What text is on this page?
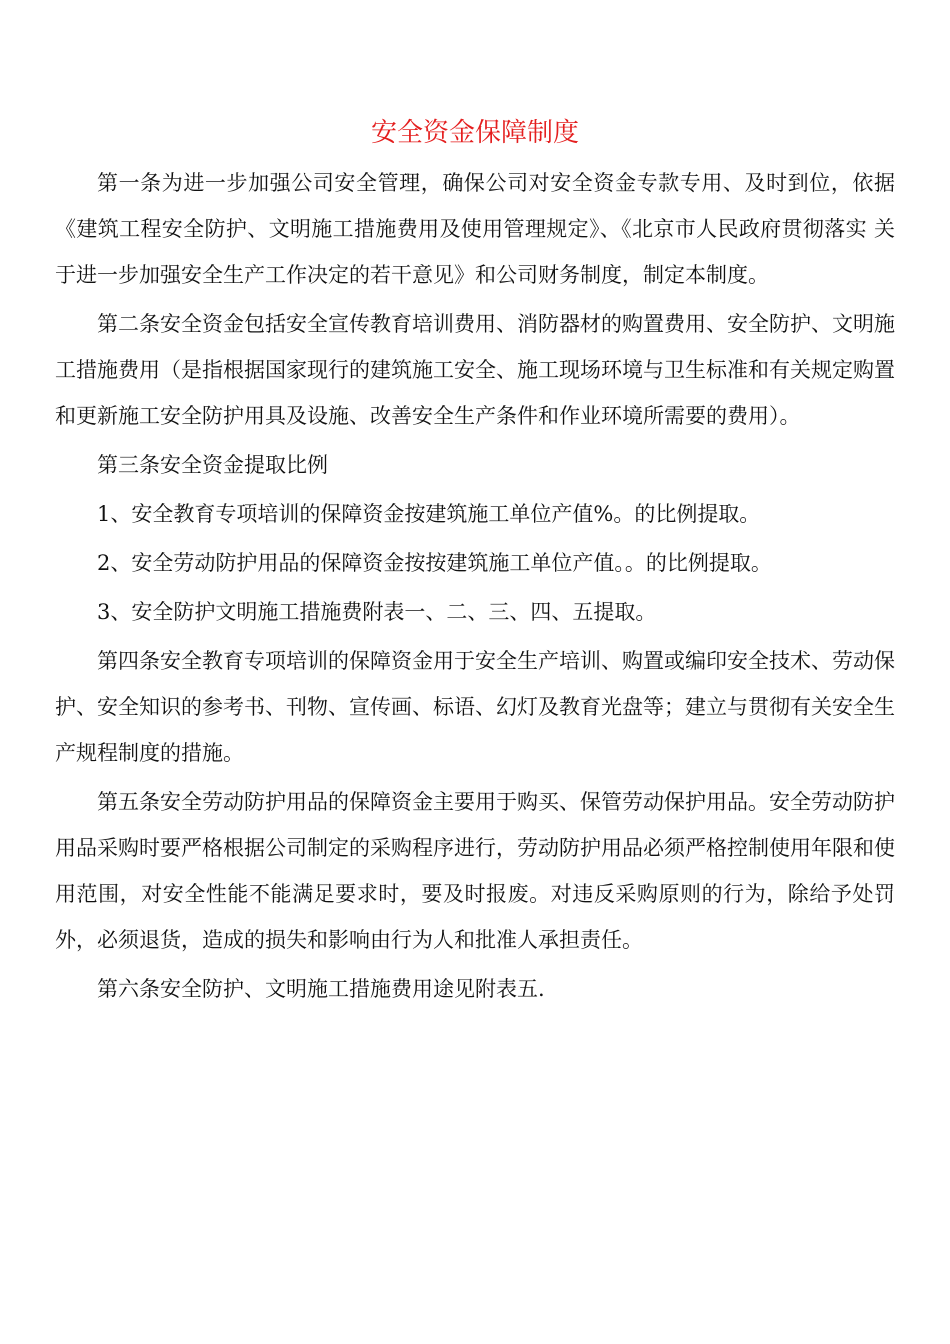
安全资金保障制度

第一条为进一步加强公司安全管理，确保公司对安全资金专款专用、及时到位，依据《建筑工程安全防护、文明施工措施费用及使用管理规定》、《北京市人民政府贯彻落实 关于进一步加强安全生产工作决定的若干意见》和公司财务制度，制定本制度。

第二条安全资金包括安全宣传教育培训费用、消防器材的购置费用、安全防护、文明施工措施费用（是指根据国家现行的建筑施工安全、施工现场环境与卫生标准和有关规定购置和更新施工安全防护用具及设施、改善安全生产条件和作业环境所需要的费用）。

第三条安全资金提取比例

1、安全教育专项培训的保障资金按建筑施工单位产值%。的比例提取。

2、安全劳动防护用品的保障资金按按建筑施工单位产值。。的比例提取。

3、安全防护文明施工措施费附表一、二、三、四、五提取。

第四条安全教育专项培训的保障资金用于安全生产培训、购置或编印安全技术、劳动保护、安全知识的参考书、刊物、宣传画、标语、幻灯及教育光盘等；建立与贯彻有关安全生产规程制度的措施。

第五条安全劳动防护用品的保障资金主要用于购买、保管劳动保护用品。安全劳动防护用品采购时要严格根据公司制定的采购程序进行，劳动防护用品必须严格控制使用年限和使用范围，对安全性能不能满足要求时，要及时报废。对违反采购原则的行为，除给予处罚外，必须退货，造成的损失和影响由行为人和批准人承担责任。

第六条安全防护、文明施工措施费用途见附表五.
